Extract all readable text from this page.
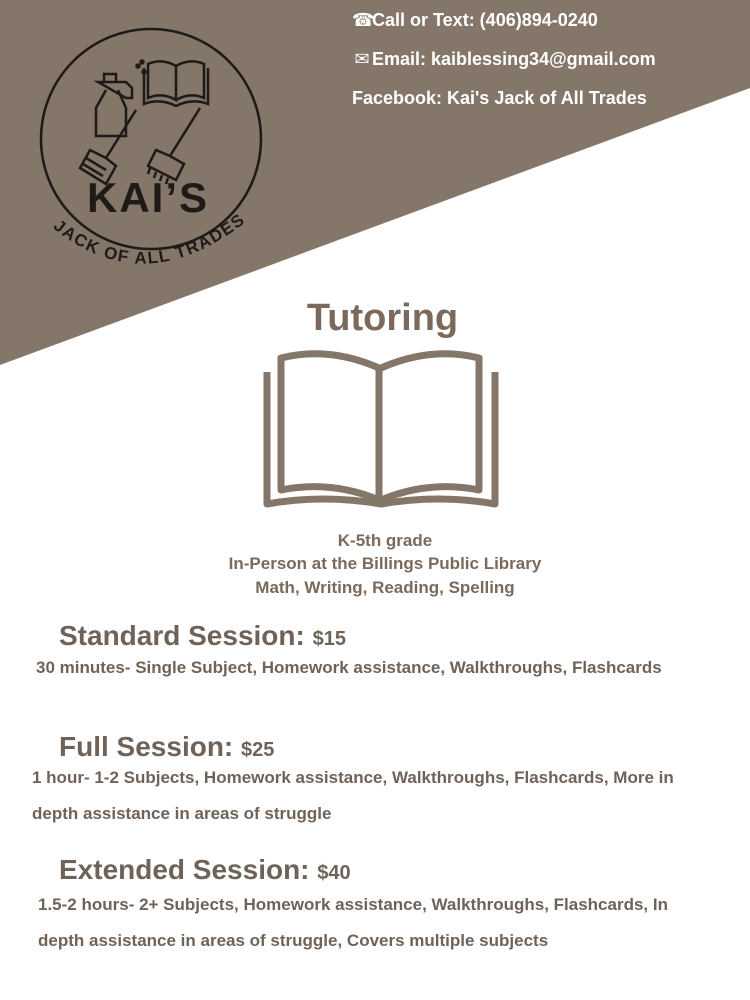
KAI’S
JACK OF ALL TRADES
☎Call or Text: (406)894-0240
✉ Email: kaiblessing34@gmail.com
Facebook: Kai's Jack of All Trades
Tutoring
K-5th grade
In-Person at the Billings Public Library
Math, Writing, Reading, Spelling
Standard Session: $15
30 minutes- Single Subject, Homework assistance, Walkthroughs, Flashcards
Full Session: $25
1 hour- 1-2 Subjects, Homework assistance, Walkthroughs, Flashcards, More in
depth assistance in areas of struggle
Extended Session: $40
1.5-2 hours- 2+ Subjects, Homework assistance, Walkthroughs, Flashcards, In
depth assistance in areas of struggle, Covers multiple subjects
